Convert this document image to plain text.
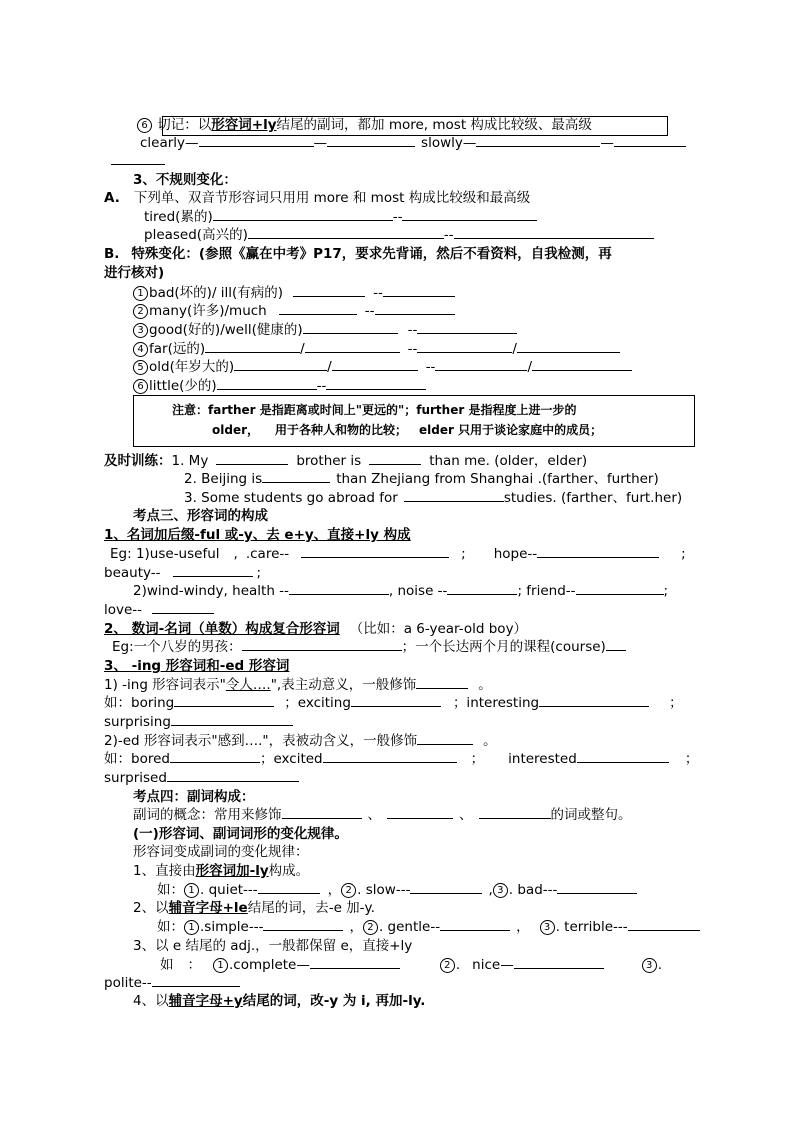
6 切记：以形容词+ly结尾的副词，都加 more, most 构成比较级、最高级
clearly—	—	slowly—	—
3、不规则变化：
A. 下列单、双音节形容词只用用 more 和 most 构成比较级和最高级
tired(累的)	--
pleased(高兴的)	--
B. 特殊变化：(参照《赢在中考》P17，要求先背诵，然后不看资料，自我检测，再
进行核对)
1 bad(坏的)/ ill(有病的)	--
2 many(许多)/much	--
3 good(好的)/well(健康的)	--
4 far(远的)	/	--	/
5 old(年岁大的)	/	--	/
6 little(少的)	--
注意：farther 是指距离或时间上"更远的"；further 是指程度上进一步的
older， 用于各种人和物的比较； elder 只用于谈论家庭中的成员；
及时训练：1. My	brother is	than me. (older，elder)
2. Beijing is	than Zhejiang from Shanghai .(farther、further)
3. Some students go abroad for	studies. (farther、furt.her)
考点三、形容词的构成
1、名词加后缀-ful 或-y、去 e+y、直接+ly 构成
Eg: 1)use-useful , .care--	; hope--	;
beauty--	;
2)wind-windy, health --	, noise --	; friend--	;
love--
2、 数词-名词（单数）构成复合形容词 （比如：a 6-year-old boy）
Eg:一个八岁的男孩：	；一个长达两个月的课程(course)
3、 -ing 形容词和-ed 形容词
1) -ing 形容词表示"令人….",表主动意义，一般修饰	。
如：boring	；exciting	；interesting	；
surprising
2)-ed 形容词表示"感到…."，表被动含义，一般修饰	。
如：bored	；excited	； interested	；
surprised
考点四：副词构成：
副词的概念：常用来修饰	、	、	的词或整句。
(一)形容词、副词词形的变化规律。
形容词变成副词的变化规律：
1、直接由形容词加-ly构成。
如： 1 . quiet---	， 2 . slow---	, 3 . bad---
2、以辅音字母+le结尾的词，去-e 加-y.
如： 1 .simple---	， 2 . gentle--	， 3 . terrible---
3、以 e 结尾的 adj.，一般都保留 e，直接+ly
如 ： 1 .complete—	2 . nice—	3 .
polite--
4、以辅音字母+y结尾的词，改-y 为 i, 再加-ly.
